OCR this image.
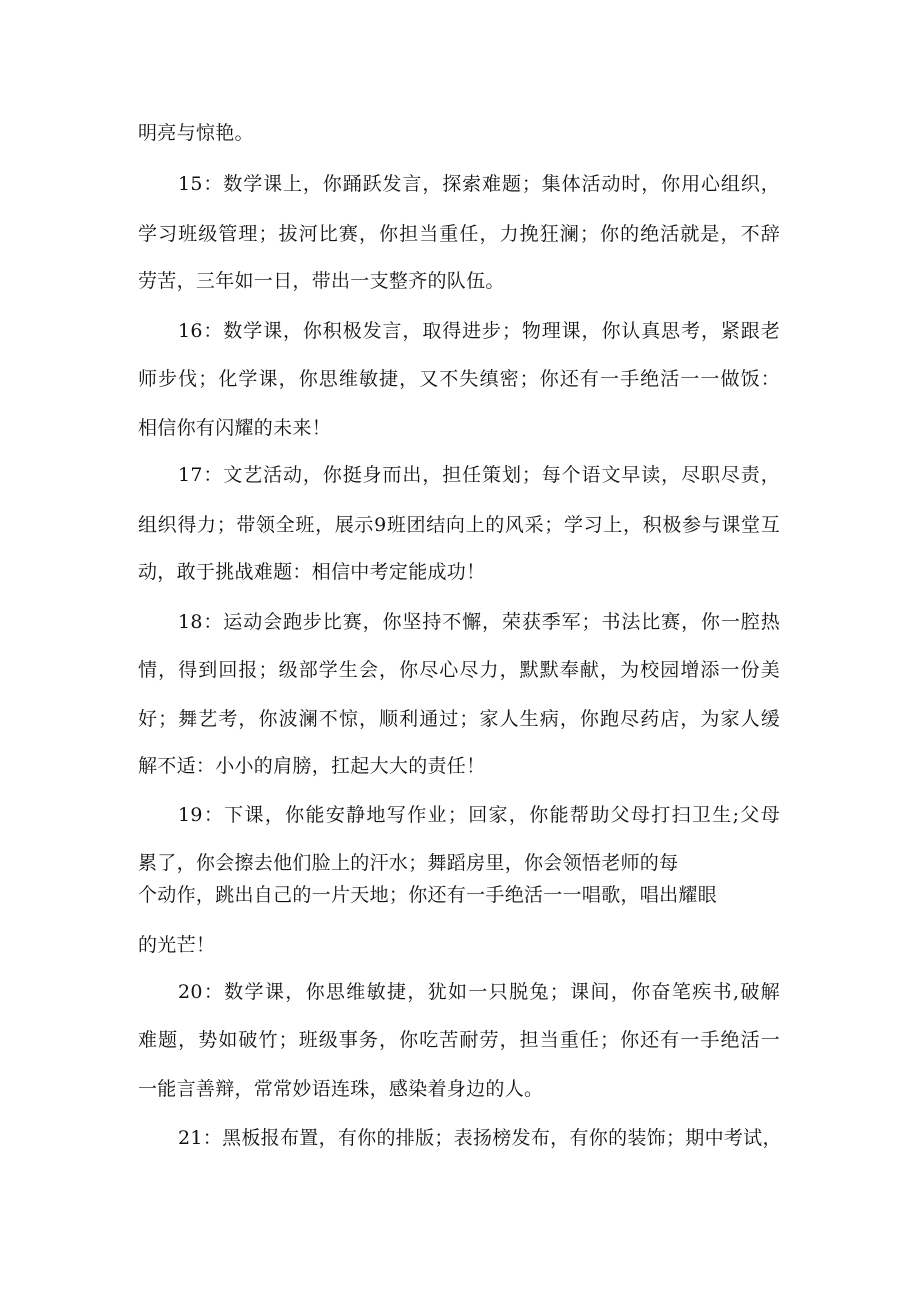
明亮与惊艳。
15：数学课上，你踊跃发言，探索难题；集体活动时，你用心组织，
学习班级管理；拔河比赛，你担当重任，力挽狂澜；你的绝活就是，不辞
劳苦，三年如一日，带出一支整齐的队伍。
16：数学课，你积极发言，取得进步；物理课，你认真思考，紧跟老
师步伐；化学课，你思维敏捷，又不失缜密；你还有一手绝活一一做饭：
相信你有闪耀的未来！
17：文艺活动，你挺身而出，担任策划；每个语文早读，尽职尽责，
组织得力；带领全班，展示9班团结向上的风采；学习上，积极参与课堂互
动，敢于挑战难题：相信中考定能成功！
18：运动会跑步比赛，你坚持不懈，荣获季军；书法比赛，你一腔热
情，得到回报；级部学生会，你尽心尽力，默默奉献，为校园增添一份美
好；舞艺考，你波澜不惊，顺利通过；家人生病，你跑尽药店，为家人缓
解不适：小小的肩膀，扛起大大的责任！
19：下课，你能安静地写作业；回家，你能帮助父母打扫卫生;父母
累了，你会擦去他们脸上的汗水；舞蹈房里，你会领悟老师的每
个动作，跳出自己的一片天地；你还有一手绝活一一唱歌，唱出耀眼
的光芒！
20：数学课，你思维敏捷，犹如一只脱兔；课间，你奋笔疾书,破解
难题，势如破竹；班级事务，你吃苦耐劳，担当重任；你还有一手绝活一
一能言善辩，常常妙语连珠，感染着身边的人。
21：黑板报布置，有你的排版；表扬榜发布，有你的装饰；期中考试，
